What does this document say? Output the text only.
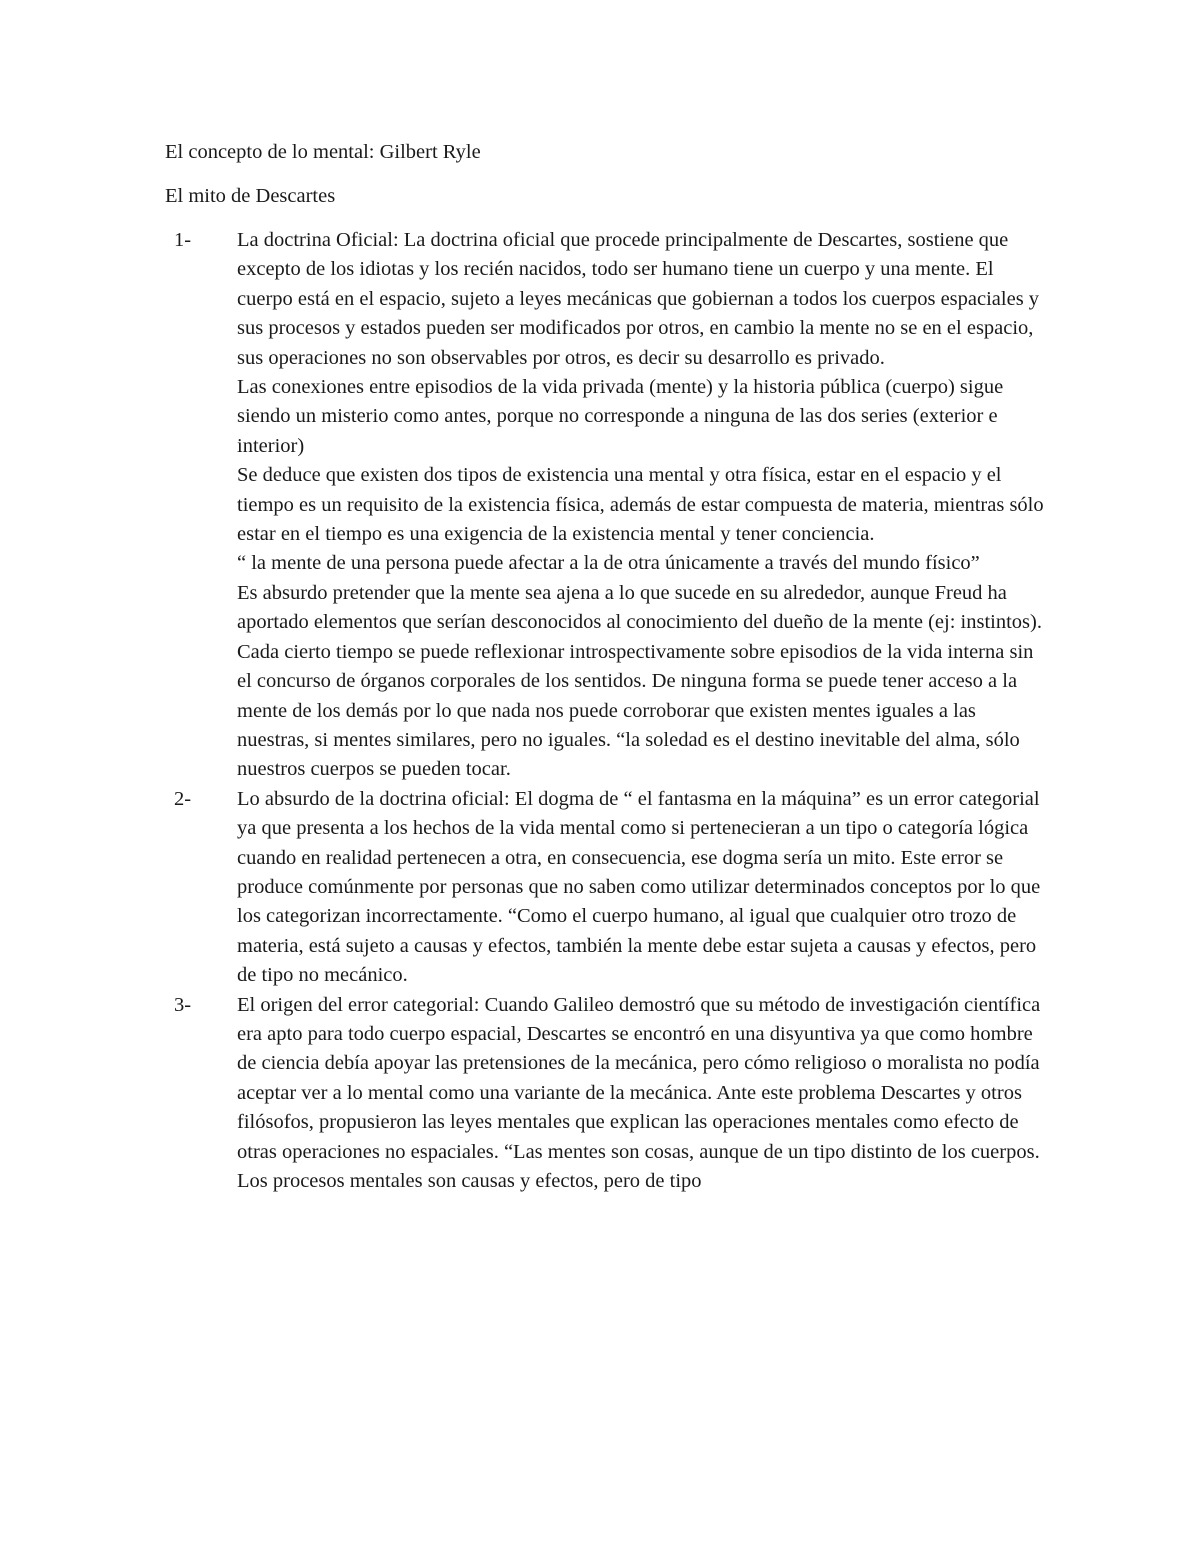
El concepto de lo mental: Gilbert Ryle

El mito de Descartes

1- La doctrina Oficial: La doctrina oficial que procede principalmente de Descartes, sostiene que excepto de los idiotas y los recién nacidos, todo ser humano tiene un cuerpo y una mente. El cuerpo está en el espacio, sujeto a leyes mecánicas que gobiernan a todos los cuerpos espaciales y sus procesos y estados pueden ser modificados por otros, en cambio la mente no se en el espacio, sus operaciones no son observables por otros, es decir su desarrollo es privado.

Las conexiones entre episodios de la vida privada (mente) y la historia pública (cuerpo) sigue siendo un misterio como antes, porque no corresponde a ninguna de las dos series (exterior e interior)

Se deduce que existen dos tipos de existencia una mental y otra física, estar en el espacio y el tiempo es un requisito de la existencia física, además de estar compuesta de materia, mientras sólo estar en el tiempo es una exigencia de la existencia mental y tener conciencia.

“ la mente de una persona puede afectar a la de otra únicamente a través del mundo físico”

Es absurdo pretender que la mente sea ajena a lo que sucede en su alrededor, aunque Freud ha aportado elementos que serían desconocidos al conocimiento del dueño de la mente (ej: instintos). Cada cierto tiempo se puede reflexionar introspectivamente sobre episodios de la vida interna sin el concurso de órganos corporales de los sentidos. De ninguna forma se puede tener acceso a la mente de los demás por lo que nada nos puede corroborar que existen mentes iguales a las nuestras, si mentes similares, pero no iguales. “la soledad es el destino inevitable del alma, sólo nuestros cuerpos se pueden tocar.

2- Lo absurdo de la doctrina oficial: El dogma de “ el fantasma en la máquina” es un error categorial ya que presenta a los hechos de la vida mental como si pertenecieran a un tipo o categoría lógica cuando en realidad pertenecen a otra, en consecuencia, ese dogma sería un mito. Este error se produce comúnmente por personas que no saben como utilizar determinados conceptos por lo que los categorizan incorrectamente. “Como el cuerpo humano, al igual que cualquier otro trozo de materia, está sujeto a causas y efectos, también la mente debe estar sujeta a causas y efectos, pero de tipo no mecánico.

3- El origen del error categorial: Cuando Galileo demostró que su método de investigación científica era apto para todo cuerpo espacial, Descartes se encontró en una disyuntiva ya que como hombre de ciencia debía apoyar las pretensiones de la mecánica, pero cómo religioso o moralista no podía aceptar ver a lo mental como una variante de la mecánica. Ante este problema Descartes y otros filósofos, propusieron las leyes mentales que explican las operaciones mentales como efecto de otras operaciones no espaciales. “Las mentes son cosas, aunque de un tipo distinto de los cuerpos. Los procesos mentales son causas y efectos, pero de tipo
